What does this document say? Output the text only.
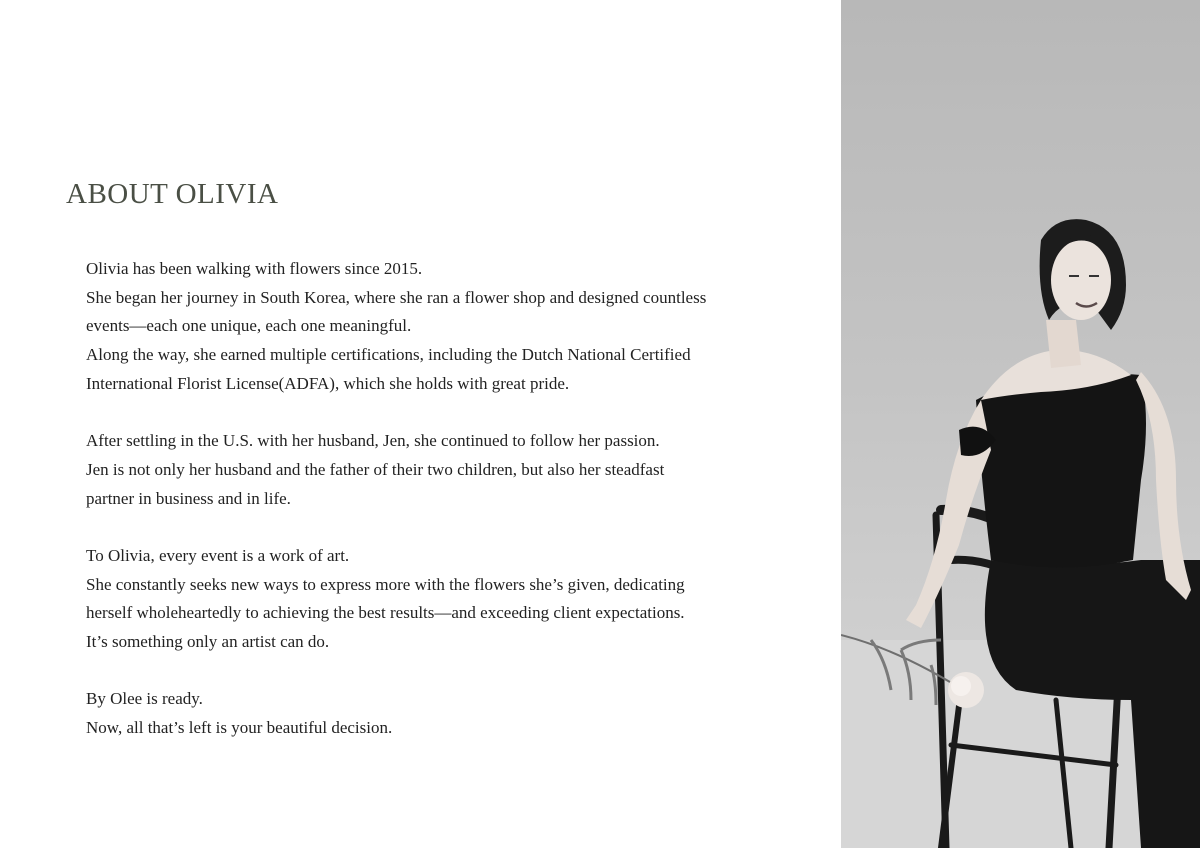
ABOUT OLIVIA
Olivia has been walking with flowers since 2015.
She began her journey in South Korea, where she ran a flower shop and designed countless
events—each one unique, each one meaningful.
Along the way, she earned multiple certifications, including the Dutch National Certified
International Florist License(ADFA), which she holds with great pride.
After settling in the U.S. with her husband, Jen, she continued to follow her passion.
Jen is not only her husband and the father of their two children, but also her steadfast
partner in business and in life.
To Olivia, every event is a work of art.
She constantly seeks new ways to express more with the flowers she’s given, dedicating
herself wholeheartedly to achieving the best results—and exceeding client expectations.
It’s something only an artist can do.
By Olee is ready.
Now, all that’s left is your beautiful decision.
